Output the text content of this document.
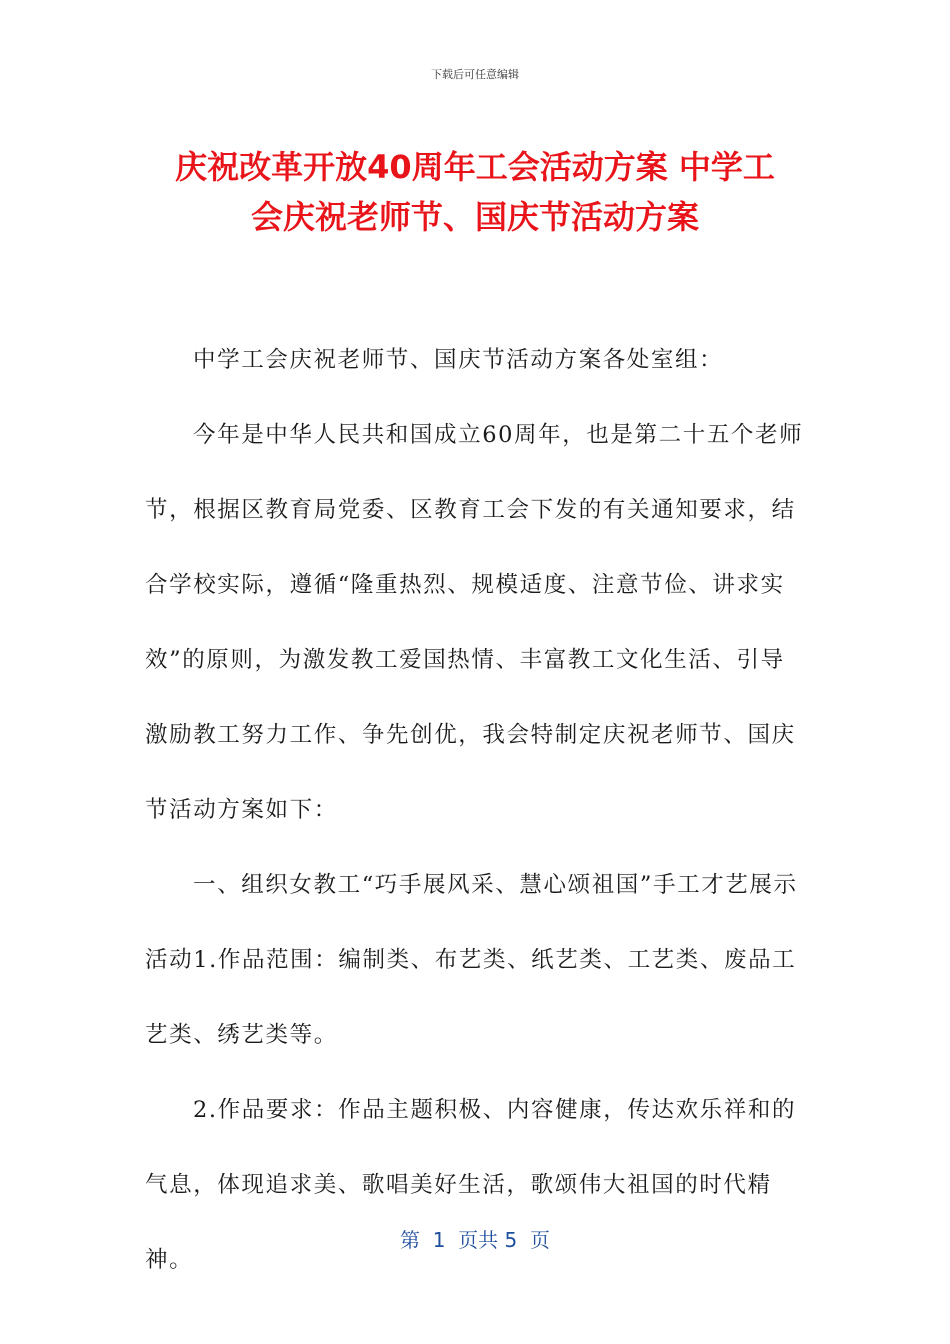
下载后可任意编辑
庆祝改革开放40周年工会活动方案 中学工
会庆祝老师节、国庆节活动方案

中学工会庆祝老师节、国庆节活动方案各处室组：

今年是中华人民共和国成立60周年，也是第二十五个老师节，根据区教育局党委、区教育工会下发的有关通知要求，结合学校实际，遵循“隆重热烈、规模适度、注意节俭、讲求实效”的原则，为激发教工爱国热情、丰富教工文化生活、引导激励教工努力工作、争先创优，我会特制定庆祝老师节、国庆节活动方案如下：

一、组织女教工“巧手展风采、慧心颂祖国”手工才艺展示活动1.作品范围：编制类、布艺类、纸艺类、工艺类、废品工艺类、绣艺类等。

2.作品要求：作品主题积极、内容健康，传达欢乐祥和的气息，体现追求美、歌唱美好生活，歌颂伟大祖国的时代精神。

第  1  页共 5  页
